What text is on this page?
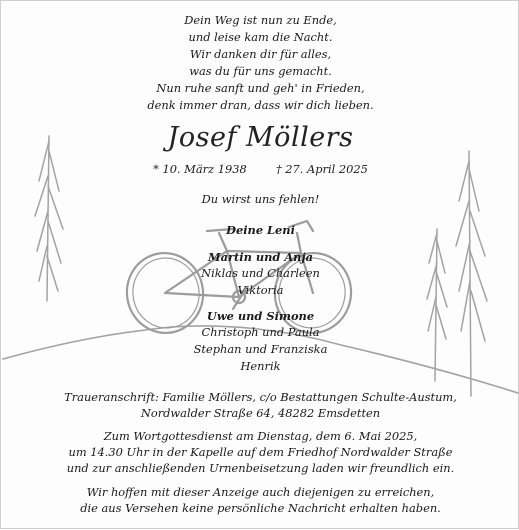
Dein Weg ist nun zu Ende,
und leise kam die Nacht.
Wir danken dir für alles,
was du für uns gemacht.
Nun ruhe sanft und geh' in Frieden,
denk immer dran, dass wir dich lieben.
Josef Möllers
* 10. März 1938	† 27. April 2025
Du wirst uns fehlen!
Deine Leni
Martin und Anja
Niklas und Charleen
Viktoria
Uwe und Simone
Christoph und Paula
Stephan und Franziska
Henrik
Traueranschrift: Familie Möllers, c/o Bestattungen Schulte-Austum,
Nordwalder Straße 64, 48282 Emsdetten
Zum Wortgottesdienst am Dienstag, dem 6. Mai 2025,
um 14.30 Uhr in der Kapelle auf dem Friedhof Nordwalder Straße
und zur anschließenden Urnenbeisetzung laden wir freundlich ein.
Wir hoffen mit dieser Anzeige auch diejenigen zu erreichen,
die aus Versehen keine persönliche Nachricht erhalten haben.
